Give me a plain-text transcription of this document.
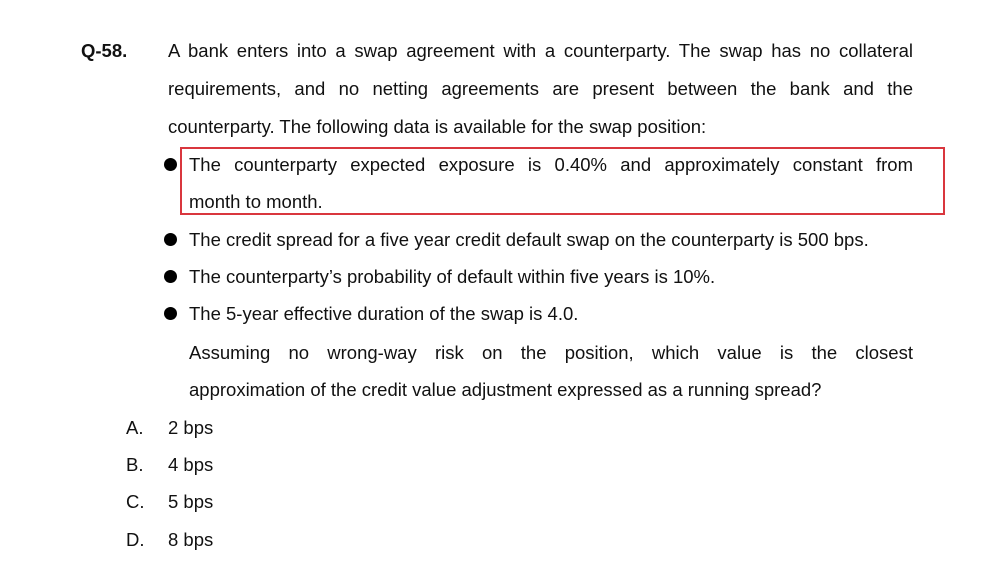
Q-58. A bank enters into a swap agreement with a counterparty. The swap has no collateral
requirements, and no netting agreements are present between the bank and the
counterparty. The following data is available for the swap position:
The counterparty expected exposure is 0.40% and approximately constant from
month to month.
The credit spread for a five year credit default swap on the counterparty is 500 bps.
The counterparty’s probability of default within five years is 10%.
The 5-year effective duration of the swap is 4.0.
Assuming no wrong-way risk on the position, which value is the closest
approximation of the credit value adjustment expressed as a running spread?
A. 2 bps
B. 4 bps
C. 5 bps
D. 8 bps
